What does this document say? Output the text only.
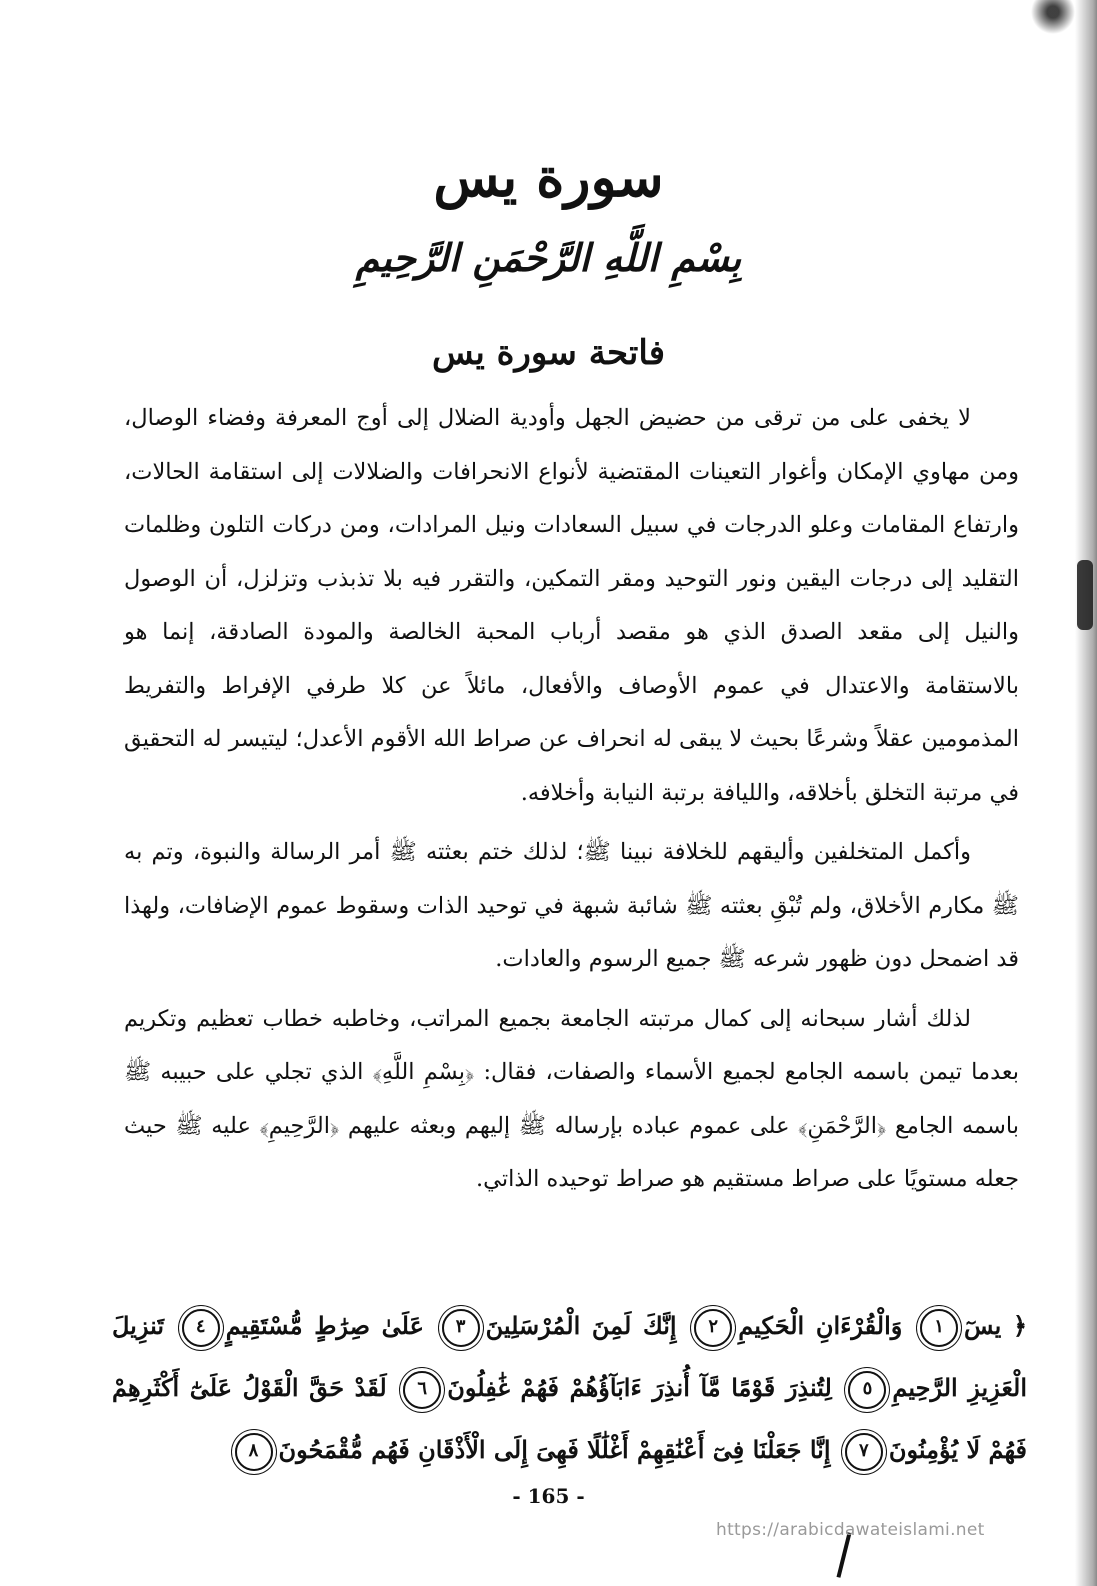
سورة يس
بِسْمِ اللَّهِ الرَّحْمَنِ الرَّحِيمِ
فاتحة سورة يس

لا يخفى على من ترقى من حضيض الجهل وأودية الضلال إلى أوج المعرفة وفضاء الوصال، ومن مهاوي الإمكان وأغوار التعينات المقتضية لأنواع الانحرافات والضلالات إلى استقامة الحالات، وارتفاع المقامات وعلو الدرجات في سبيل السعادات ونيل المرادات، ومن دركات التلون وظلمات التقليد إلى درجات اليقين ونور التوحيد ومقر التمكين، والتقرر فيه بلا تذبذب وتزلزل، أن الوصول والنيل إلى مقعد الصدق الذي هو مقصد أرباب المحبة الخالصة والمودة الصادقة، إنما هو بالاستقامة والاعتدال في عموم الأوصاف والأفعال، مائلاً عن كلا طرفي الإفراط والتفريط المذمومين عقلاً وشرعًا بحيث لا يبقى له انحراف عن صراط الله الأقوم الأعدل؛ ليتيسر له التحقيق في مرتبة التخلق بأخلاقه، والليافة برتبة النيابة وأخلافه.

وأكمل المتخلفين وأليقهم للخلافة نبينا ﷺ؛ لذلك ختم بعثته ﷺ أمر الرسالة والنبوة، وتم به ﷺ مكارم الأخلاق، ولم تُبْقِ بعثته ﷺ شائبة شبهة في توحيد الذات وسقوط عموم الإضافات، ولهذا قد اضمحل دون ظهور شرعه ﷺ جميع الرسوم والعادات.

لذلك أشار سبحانه إلى كمال مرتبته الجامعة بجميع المراتب، وخاطبه خطاب تعظيم وتكريم بعدما تيمن باسمه الجامع لجميع الأسماء والصفات، فقال: ﴿بِسْمِ اللَّهِ﴾ الذي تجلي على حبيبه ﷺ باسمه الجامع ﴿الرَّحْمَنِ﴾ على عموم عباده بإرساله ﷺ إليهم وبعثه عليهم ﴿الرَّحِيمِ﴾ عليه ﷺ حيث جعله مستويًا على صراط مستقيم هو صراط توحيده الذاتي.

﴿ يسٓ١ وَالْقُرْءَانِ الْحَكِيمِ٢ إِنَّكَ لَمِنَ الْمُرْسَلِينَ٣ عَلَىٰ صِرَٰطٍ مُّسْتَقِيمٍ٤ تَنزِيلَ الْعَزِيزِ الرَّحِيمِ٥ لِتُنذِرَ قَوْمًا مَّآ أُنذِرَ ءَابَآؤُهُمْ فَهُمْ غَٰفِلُونَ٦ لَقَدْ حَقَّ الْقَوْلُ عَلَىٰٓ أَكْثَرِهِمْ فَهُمْ لَا يُؤْمِنُونَ٧ إِنَّا جَعَلْنَا فِىٓ أَعْنَٰقِهِمْ أَغْلَٰلًا فَهِىَ إِلَى الْأَذْقَانِ فَهُم مُّقْمَحُونَ٨
- 165 -
https://arabicdawateislami.net
